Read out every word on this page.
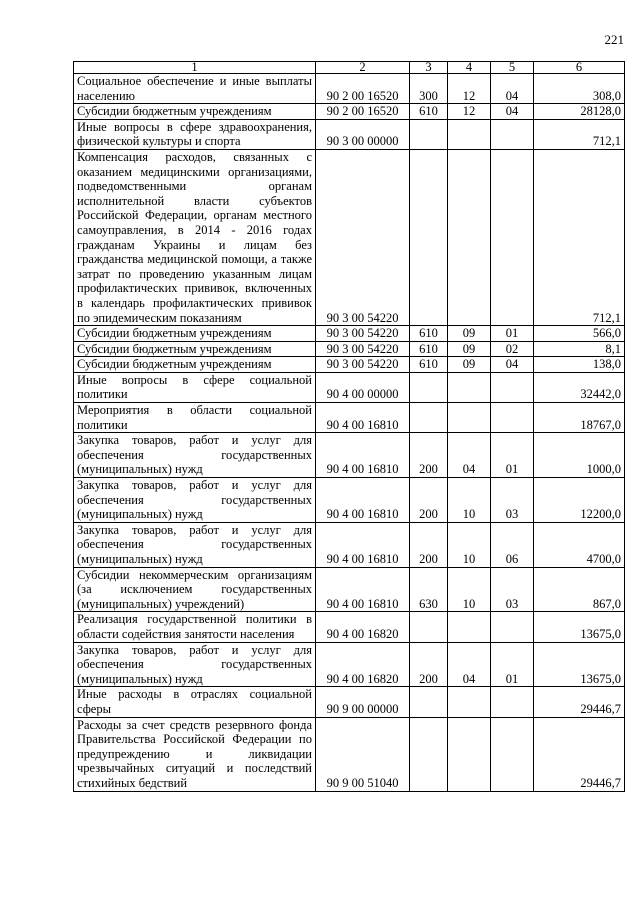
221
1	2	3	4	5	6
Социальное обеспечение и иные выплаты населению	90 2 00 16520	300	12	04	308,0
Субсидии бюджетным учреждениям	90 2 00 16520	610	12	04	28128,0
Иные вопросы в сфере здравоохранения, физической культуры и спорта	90 3 00 00000				712,1
Компенсация расходов, связанных с оказанием медицинскими организациями, подведомственными органам исполнительной власти субъектов Российской Федерации, органам местного самоуправления, в 2014 - 2016 годах гражданам Украины и лицам без гражданства медицинской помощи, а также затрат по проведению указанным лицам профилактических прививок, включенных в календарь профилактических прививок по эпидемическим показаниям	90 3 00 54220				712,1
Субсидии бюджетным учреждениям	90 3 00 54220	610	09	01	566,0
Субсидии бюджетным учреждениям	90 3 00 54220	610	09	02	8,1
Субсидии бюджетным учреждениям	90 3 00 54220	610	09	04	138,0
Иные вопросы в сфере социальной политики	90 4 00 00000				32442,0
Мероприятия в области социальной политики	90 4 00 16810				18767,0
Закупка товаров, работ и услуг для обеспечения государственных (муниципальных) нужд	90 4 00 16810	200	04	01	1000,0
Закупка товаров, работ и услуг для обеспечения государственных (муниципальных) нужд	90 4 00 16810	200	10	03	12200,0
Закупка товаров, работ и услуг для обеспечения государственных (муниципальных) нужд	90 4 00 16810	200	10	06	4700,0
Субсидии некоммерческим организациям (за исключением государственных (муниципальных) учреждений)	90 4 00 16810	630	10	03	867,0
Реализация государственной политики в области содействия занятости населения	90 4 00 16820				13675,0
Закупка товаров, работ и услуг для обеспечения государственных (муниципальных) нужд	90 4 00 16820	200	04	01	13675,0
Иные расходы в отраслях социальной сферы	90 9 00 00000				29446,7
Расходы за счет средств резервного фонда Правительства Российской Федерации по предупреждению и ликвидации чрезвычайных ситуаций и последствий стихийных бедствий	90 9 00 51040				29446,7
